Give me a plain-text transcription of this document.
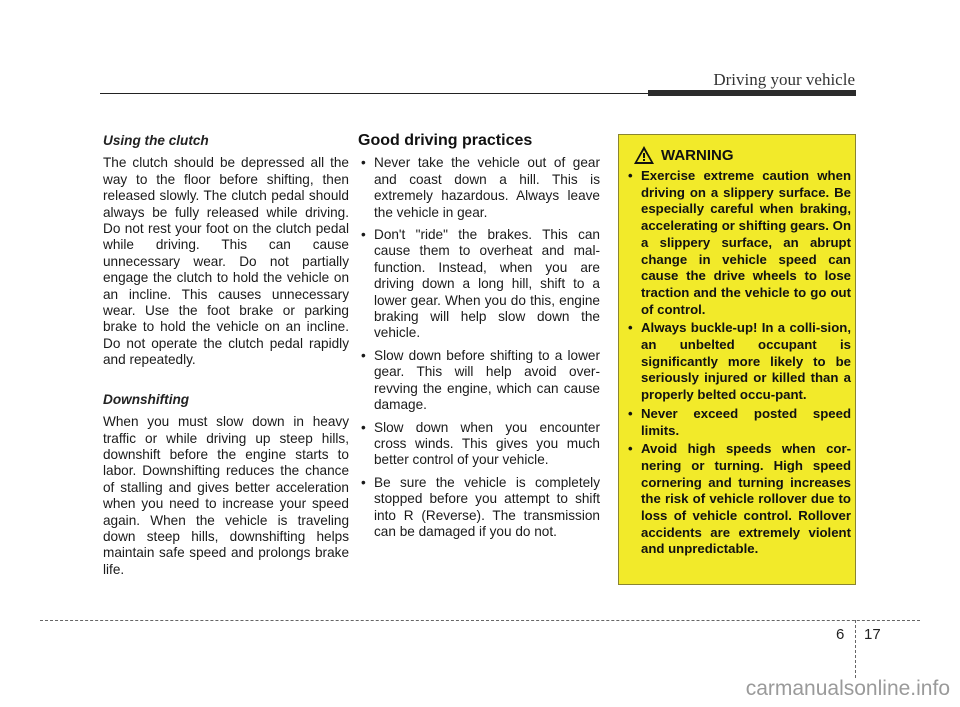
Driving your vehicle
Using the clutch

The clutch should be depressed all the way to the floor before shifting, then released slowly. The clutch pedal should always be fully released while driving. Do not rest your foot on the clutch pedal while driving. This can cause unnecessary wear. Do not partially engage the clutch to hold the vehicle on an incline. This causes unnecessary wear. Use the foot brake or parking brake to hold the vehicle on an incline. Do not operate the clutch pedal rapidly and repeatedly.

Downshifting

When you must slow down in heavy traffic or while driving up steep hills, downshift before the engine starts to labor. Downshifting reduces the chance of stalling and gives better acceleration when you need to increase your speed again. When the vehicle is traveling down steep hills, downshifting helps maintain safe speed and prolongs brake life.

Good driving practices
• Never take the vehicle out of gear and coast down a hill. This is extremely hazardous. Always leave the vehicle in gear.
• Don't "ride" the brakes. This can cause them to overheat and mal-function. Instead, when you are driving down a long hill, shift to a lower gear. When you do this, engine braking will help slow down the vehicle.
• Slow down before shifting to a lower gear. This will help avoid over-revving the engine, which can cause damage.
• Slow down when you encounter cross winds. This gives you much better control of your vehicle.
• Be sure the vehicle is completely stopped before you attempt to shift into R (Reverse). The transmission can be damaged if you do not.
WARNING
• Exercise extreme caution when driving on a slippery surface. Be especially careful when braking, accelerating or shifting gears. On a slippery surface, an abrupt change in vehicle speed can cause the drive wheels to lose traction and the vehicle to go out of control.
• Always buckle-up! In a colli-sion, an unbelted occupant is significantly more likely to be seriously injured or killed than a properly belted occu-pant.
• Never exceed posted speed limits.
• Avoid high speeds when cor-nering or turning. High speed cornering and turning increases the risk of vehicle rollover due to loss of vehicle control. Rollover accidents are extremely violent and unpredictable.
6 17
carmanualsonline.info
